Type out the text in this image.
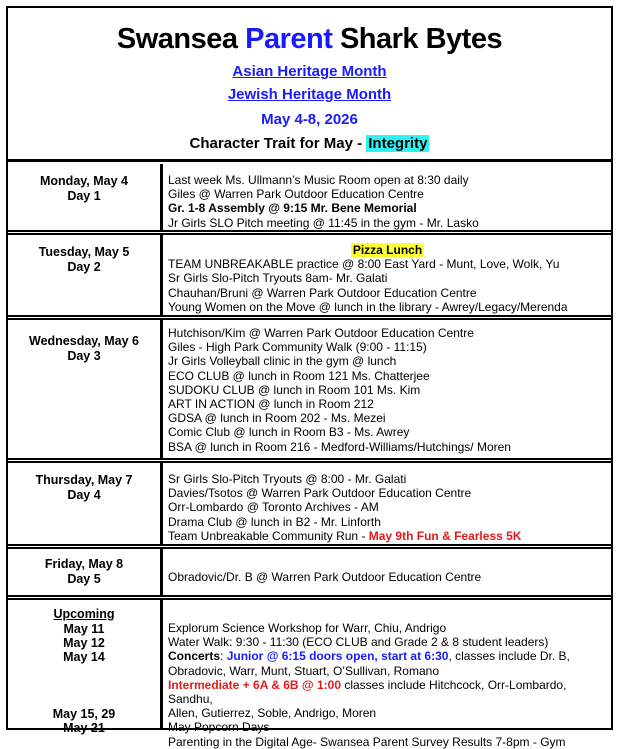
Swansea Parent Shark Bytes
Asian Heritage Month
Jewish Heritage Month
May 4-8, 2026
Character Trait for May - Integrity
Monday, May 4
Day 1
Last week Ms. Ullmann’s Music Room open at 8:30 daily
Giles @ Warren Park Outdoor Education Centre
Gr. 1-8 Assembly @ 9:15 Mr. Bene Memorial
Jr Girls SLO Pitch meeting @ 11:45 in the gym - Mr. Lasko
Tuesday, May 5
Day 2
Pizza Lunch
TEAM UNBREAKABLE practice @ 8:00 East Yard - Munt, Love, Wolk, Yu
Sr Girls Slo-Pitch Tryouts 8am- Mr. Galati
Chauhan/Bruni @ Warren Park Outdoor Education Centre
Young Women on the Move @ lunch in the library - Awrey/Legacy/Merenda
Wednesday, May 6
Day 3
Hutchison/Kim @ Warren Park Outdoor Education Centre
Giles - High Park Community Walk (9:00 - 11:15)
Jr Girls Volleyball clinic in the gym @ lunch
ECO CLUB @ lunch in Room 121 Ms. Chatterjee
SUDOKU CLUB @ lunch in Room 101 Ms. Kim
ART IN ACTION @ lunch in Room 212
GDSA @ lunch in Room 202 - Ms. Mezei
Comic Club @ lunch in Room B3 - Ms. Awrey
BSA @ lunch in Room 216 - Medford-Williams/Hutchings/ Moren
Thursday, May 7
Day 4
Sr Girls Slo-Pitch Tryouts @ 8:00 - Mr. Galati
Davies/Tsotos @ Warren Park Outdoor Education Centre
Orr-Lombardo @ Toronto Archives - AM
Drama Club @ lunch in B2 - Mr. Linforth
Team Unbreakable Community Run - May 9th Fun & Fearless 5K
Friday, May 8
Day 5	Obradovic/Dr. B @ Warren Park Outdoor Education Centre
Upcoming
May 11
May 12
May 14
May 15, 29
May 21
Explorum Science Workshop for Warr, Chiu, Andrigo
Water Walk: 9:30 - 11:30 (ECO CLUB and Grade 2 & 8 student leaders)
Concerts: Junior @ 6:15 doors open, start at 6:30, classes include Dr. B,
Obradovic, Warr, Munt, Stuart, O’Sullivan, Romano
Intermediate + 6A & 6B @ 1:00 classes include Hitchcock, Orr-Lombardo, Sandhu,
Allen, Gutierrez, Soble, Andrigo, Moren
May Popcorn Days
Parenting in the Digital Age- Swansea Parent Survey Results 7-8pm - Gym
